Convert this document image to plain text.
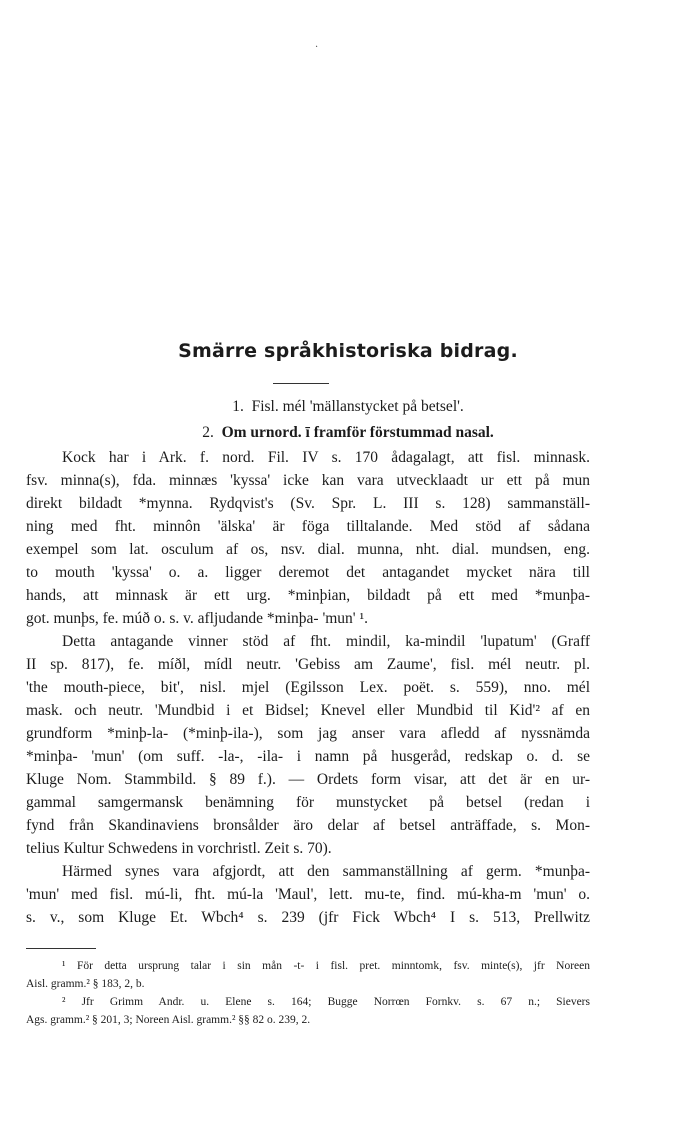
·
Smärre språkhistoriska bidrag.
1. Fisl. mél 'mällanstycket på betsel'.
2. Om urnord. ī framför förstummad nasal.
Kock har i Ark. f. nord. Fil. IV s. 170 ådagalagt, att fisl. minnask.
fsv. minna(s), fda. minnæs 'kyssa' icke kan vara utvecklaadt ur ett på mun
direkt bildadt *mynna. Rydqvist's (Sv. Spr. L. III s. 128) sammanställ-
ning med fht. minnôn 'älska' är föga tilltalande. Med stöd af sådana
exempel som lat. osculum af os, nsv. dial. munna, nht. dial. mundsen, eng.
to mouth 'kyssa' o. a. ligger deremot det antagandet mycket nära till
hands, att minnask är ett urg. *minþian, bildadt på ett med *munþa-
got. munþs, fe. múð o. s. v. afljudande *minþa- 'mun' ¹.
Detta antagande vinner stöd af fht. mindil, ka-mindil 'lupatum' (Graff
II sp. 817), fe. míðl, mídl neutr. 'Gebiss am Zaume', fisl. mél neutr. pl.
'the mouth-piece, bit', nisl. mjel (Egilsson Lex. poët. s. 559), nno. mél
mask. och neutr. 'Mundbid i et Bidsel; Knevel eller Mundbid til Kid'² af en
grundform *minþ-la- (*minþ-ila-), som jag anser vara afledd af nyssnämda
*minþa- 'mun' (om suff. -la-, -ila- i namn på husgeråd, redskap o. d. se
Kluge Nom. Stammbild. § 89 f.). — Ordets form visar, att det är en ur-
gammal samgermansk benämning för munstycket på betsel (redan i
fynd från Skandinaviens bronsålder äro delar af betsel anträffade, s. Mon-
telius Kultur Schwedens in vorchristl. Zeit s. 70).
Härmed synes vara afgjordt, att den sammanställning af germ. *munþa-
'mun' med fisl. mú-li, fht. mú-la 'Maul', lett. mu-te, find. mú-kha-m 'mun' o.
s. v., som Kluge Et. Wbch⁴ s. 239 (jfr Fick Wbch⁴ I s. 513, Prellwitz
¹ För detta ursprung talar i sin mån -t- i fisl. pret. minntomk, fsv. minte(s), jfr Noreen
Aisl. gramm.² § 183, 2, b.
² Jfr Grimm Andr. u. Elene s. 164; Bugge Norrœn Fornkv. s. 67 n.; Sievers
Ags. gramm.² § 201, 3; Noreen Aisl. gramm.² §§ 82 o. 239, 2.
